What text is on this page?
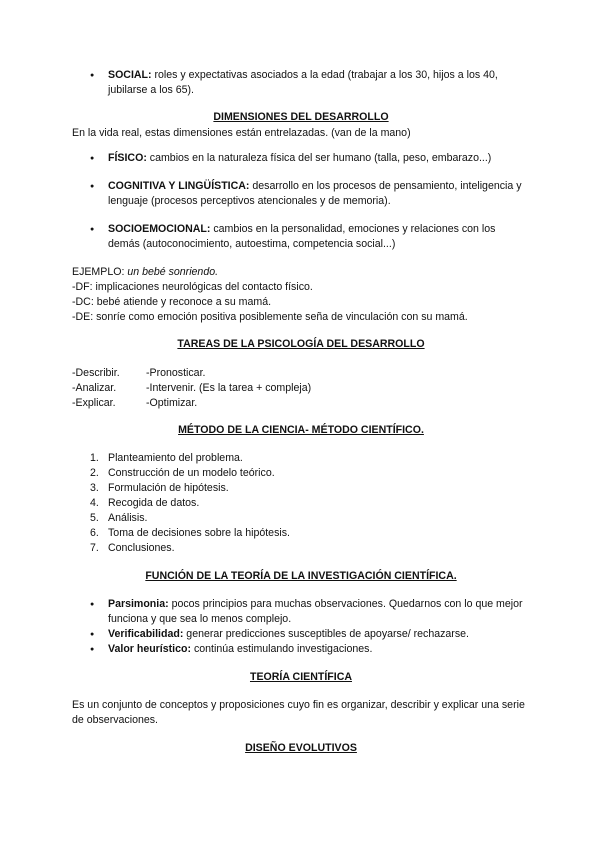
● SOCIAL: roles y expectativas asociados a la edad (trabajar a los 30, hijos a los 40, jubilarse a los 65).

DIMENSIONES DEL DESARROLLO

En la vida real, estas dimensiones están entrelazadas. (van de la mano)

● FÍSICO: cambios en la naturaleza física del ser humano (talla, peso, embarazo...)
● COGNITIVA Y LINGÜÍSTICA: desarrollo en los procesos de pensamiento, inteligencia y lenguaje (procesos perceptivos atencionales y de memoria).
● SOCIOEMOCIONAL: cambios en la personalidad, emociones y relaciones con los demás (autoconocimiento, autoestima, competencia social...)

EJEMPLO: un bebé sonriendo.

-DF: implicaciones neurológicas del contacto físico.

-DC: bebé atiende y reconoce a su mamá.

-DE: sonríe como emoción positiva posiblemente seña de vinculación con su mamá.

TAREAS DE LA PSICOLOGÍA DEL DESARROLLO

-Describir.	-Pronosticar.
-Analizar.	-Intervenir. (Es la tarea + compleja)
-Explicar.	-Optimizar.

MÉTODO DE LA CIENCIA- MÉTODO CIENTÍFICO.

1. Planteamiento del problema.
2. Construcción de un modelo teórico.
3. Formulación de hipótesis.
4. Recogida de datos.
5. Análisis.
6. Toma de decisiones sobre la hipótesis.
7. Conclusiones.

FUNCIÓN DE LA TEORÍA DE LA INVESTIGACIÓN CIENTÍFICA.

● Parsimonia: pocos principios para muchas observaciones. Quedarnos con lo que mejor funciona y que sea lo menos complejo.
● Verificabilidad: generar predicciones susceptibles de apoyarse/ rechazarse.
● Valor heurístico: continúa estimulando investigaciones.

TEORÍA CIENTÍFICA

Es un conjunto de conceptos y proposiciones cuyo fin es organizar, describir y explicar una serie de observaciones.

DISEÑO EVOLUTIVOS
